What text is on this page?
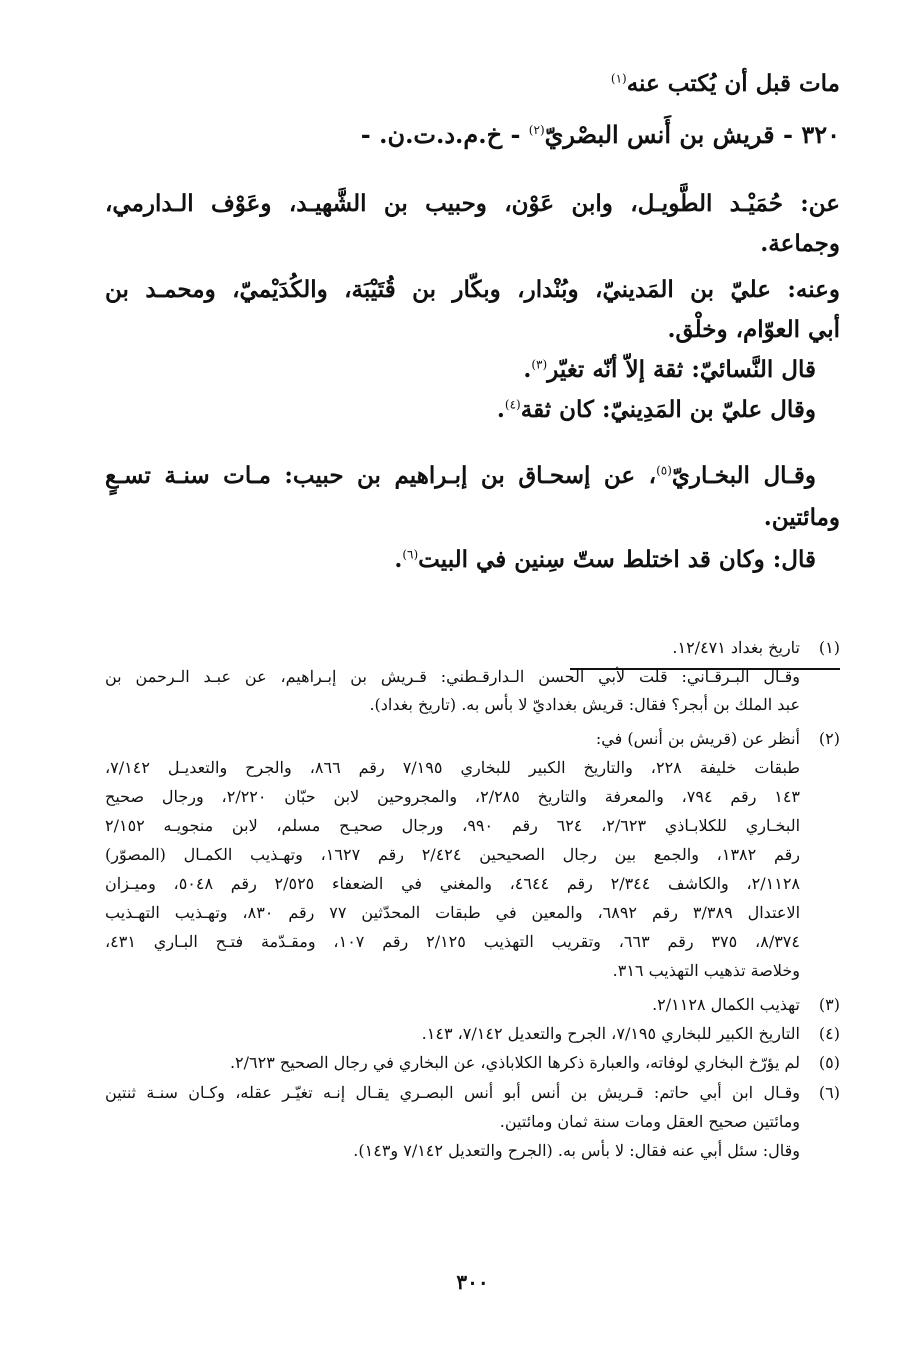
مات قبل أن يُكتب عنه$^{(١)}$
٣٢٠ - قريش بن أَنس البصْريّ$^{(٢)}$ - خ.م.د.ت.ن. -
عن: حُمَيْـد الطَّويـل، وابن عَوْن، وحبيب بن الشَّهيـد، وعَوْف الـدارمي،
وجماعة.
وعنه: عليّ بن المَدينيّ، وبُنْدار، وبكّار بن قُتَيْبَة، والكُدَيْميّ، ومحمـد بن
أبي العوّام، وخلْق.
قال النَّسائيّ: ثقة إلاّ أنّه تغيّر$^{(٣)}$.
وقال عليّ بن المَدِينيّ: كان ثقة$^{(٤)}$.
وقـال البخـاريّ$^{(٥)}$، عن إسحـاق بن إبـراهيم بن حبيب: مـات سنـة تسـعٍ
ومائتين.
قال: وكان قد اختلط ستّ سِنين في البيت$^{(٦)}$.
(١)
تاريخ بغداد ١٢/٤٧١.
وقـال البـرقـاني: قلت لأبي الحسن الـدارقـطني: قـريش بن إبـراهيم، عن عبـد الـرحمن بن
عبد الملك بن أبجر؟ فقال: قريش بغداديّ لا بأس به. (تاريخ بغداد).
(٢)
أنظر عن (قريش بن أنس) في:
طبقات خليفة ٢٢٨، والتاريخ الكبير للبخاري ٧/١٩٥ رقم ٨٦٦، والجرح والتعديـل ٧/١٤٢،
١٤٣ رقم ٧٩٤، والمعرفة والتاريخ ٢/٢٨٥، والمجروحين لابن حبّان ٢/٢٢٠، ورجال صحيح
البخـاري للكلابـاذي ٢/٦٢٣، ٦٢٤ رقم ٩٩٠، ورجال صحيـح مسلم، لابن منجويـه ٢/١٥٢
رقم ١٣٨٢، والجمع بين رجال الصحيحين ٢/٤٢٤ رقم ١٦٢٧، وتهـذيب الكمـال (المصوّر)
٢/١١٢٨، والكاشف ٢/٣٤٤ رقم ٤٦٤٤، والمغني في الضعفاء ٢/٥٢٥ رقم ٥٠٤٨، وميـزان
الاعتدال ٣/٣٨٩ رقم ٦٨٩٢، والمعين في طبقات المحدّثين ٧٧ رقم ٨٣٠، وتهـذيب التهـذيب
٨/٣٧٤، ٣٧٥ رقم ٦٦٣، وتقريب التهذيب ٢/١٢٥ رقم ١٠٧، ومقـدّمة فتـح البـاري ٤٣١،
وخلاصة تذهيب التهذيب ٣١٦.
(٣)
تهذيب الكمال ٢/١١٢٨.
(٤)
التاريخ الكبير للبخاري ٧/١٩٥، الجرح والتعديل ٧/١٤٢، ١٤٣.
(٥)
لم يؤرّخ البخاري لوفاته، والعبارة ذكرها الكلاباذي، عن البخاري في رجال الصحيح ٢/٦٢٣.
(٦)
وقـال ابن أبي حاتم: قـريش بن أنس أبو أنس البصـري يقـال إنـه تغيّـر عقله، وكـان سنـة ثنتين
ومائتين صحيح العقل ومات سنة ثمان ومائتين.
وقال: سئل أبي عنه فقال: لا بأس به. (الجرح والتعديل ٧/١٤٢ و١٤٣).
٣٠٠
